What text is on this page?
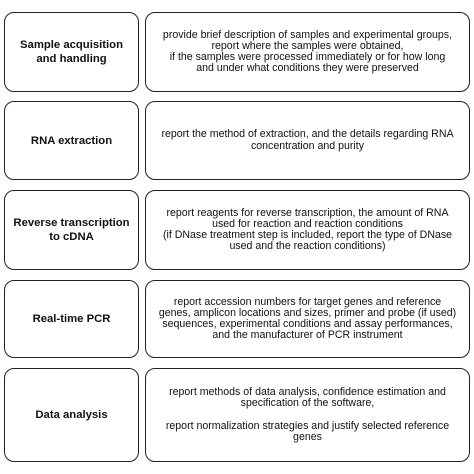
Sample acquisition
and handling
provide brief description of samples and experimental groups,
report where the samples were obtained,
if the samples were processed immediately or for how long
and under what conditions they were preserved
RNA extraction
report the method of extraction, and the details regarding RNA
concentration and purity
Reverse transcription
to cDNA
report reagents for reverse transcription, the amount of RNA
used for reaction and reaction conditions
(if DNase treatment step is included, report the type of DNase
used and the reaction conditions)
Real-time PCR
report accession numbers for target genes and reference
genes, amplicon locations and sizes, primer and probe (if used)
sequences, experimental conditions and assay performances,
and the manufacturer of PCR instrument
Data analysis
report methods of data analysis, confidence estimation and
specification of the software,

report normalization strategies and justify selected reference
genes
